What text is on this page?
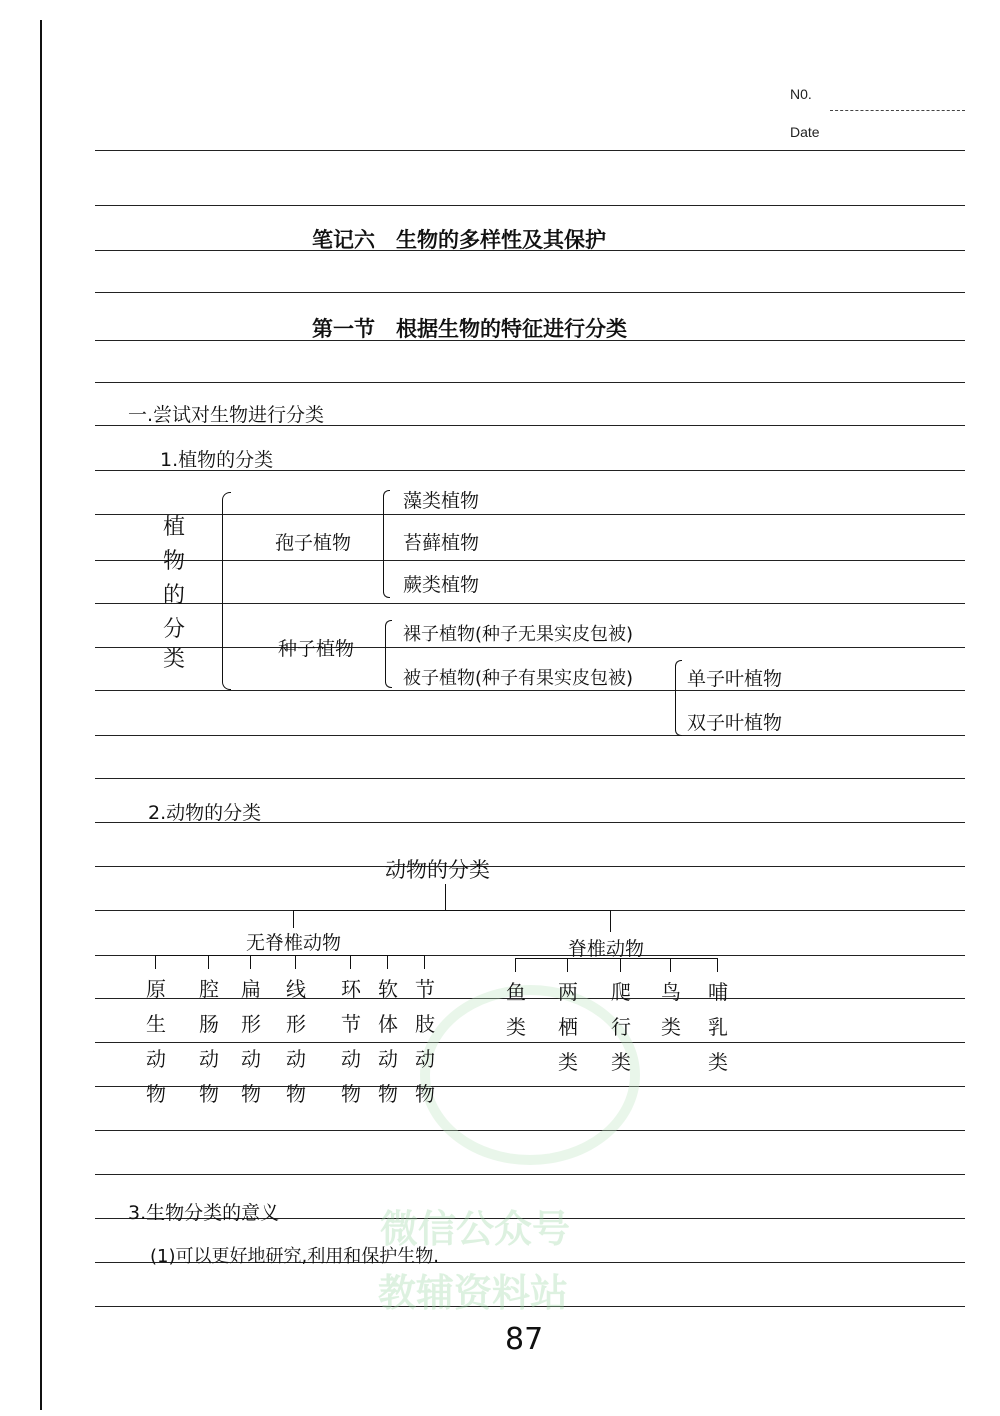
N0.
Date
微信公众号
教辅资料站
笔记六　生物的多样性及其保护
第一节　根据生物的特征进行分类
一.尝试对生物进行分类
1.植物的分类
植
物
的
分
类
孢子植物
藻类植物
苔藓植物
蕨类植物
种子植物
裸子植物(种子无果实皮包被)
被子植物(种子有果实皮包被)	单子叶植物
双子叶植物
2.动物的分类
动物的分类
无脊椎动物	脊椎动物
原生动物
腔肠动物
扁形动物
线形动物
环节动物
软体动物
节肢动物
鱼类
两栖类
爬行类
鸟类
哺乳类
3.生物分类的意义
(1)可以更好地研究,利用和保护生物.
87
